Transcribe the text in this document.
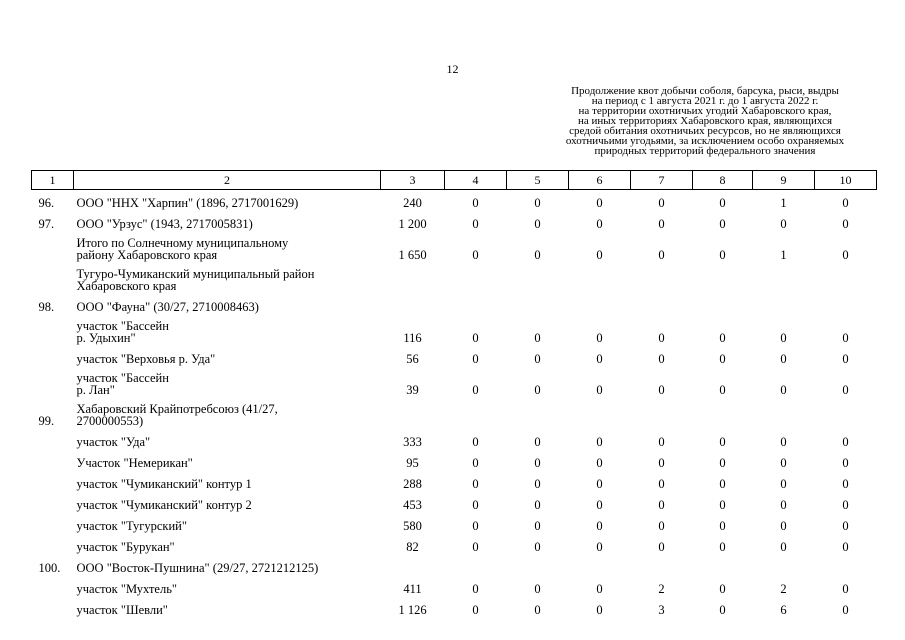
12
Продолжение квот добычи соболя, барсука, рыси, выдры
на период с 1 августа 2021 г. до 1 августа 2022 г.
на территории охотничьих угодий Хабаровского края,
на иных территориях Хабаровского края, являющихся
средой обитания охотничьих ресурсов, но не являющихся
охотничьими угодьями, за исключением особо охраняемых
природных территорий федерального значения
1	2	3	4	5	6	7	8	9	10
96.	ООО "ННХ "Харпин" (1896, 2717001629)	240	0	0	0	0	0	1	0
97.	ООО "Урзус" (1943, 2717005831)	1 200	0	0	0	0	0	0	0

	Итого по Солнечному муниципальному
району Хабаровского края	1 650	0	0	0	0	0	1	0

	Тугуро-Чумиканский муниципальный район
Хабаровского края								

98.	ООО "Фауна" (30/27, 2710008463)								

	участок "Бассейн
р. Удыхин"	116	0	0	0	0	0	0	0

	участок "Верховья р. Уда"	56	0	0	0	0	0	0	0

	участок "Бассейн
р. Лан"	39	0	0	0	0	0	0	0
99.	Хабаровский Крайпотребсоюз (41/27,
2700000553)								

	участок "Уда"	333	0	0	0	0	0	0	0

	Участок "Немерикан"	95	0	0	0	0	0	0	0

	участок "Чумиканский" контур 1	288	0	0	0	0	0	0	0

	участок "Чумиканский" контур 2	453	0	0	0	0	0	0	0

	участок "Тугурский"	580	0	0	0	0	0	0	0

	участок "Бурукан"	82	0	0	0	0	0	0	0
100.	ООО "Восток-Пушнина" (29/27, 2721212125)								

	участок "Мухтель"	411	0	0	0	2	0	2	0

	участок "Шевли"	1 126	0	0	0	3	0	6	0
